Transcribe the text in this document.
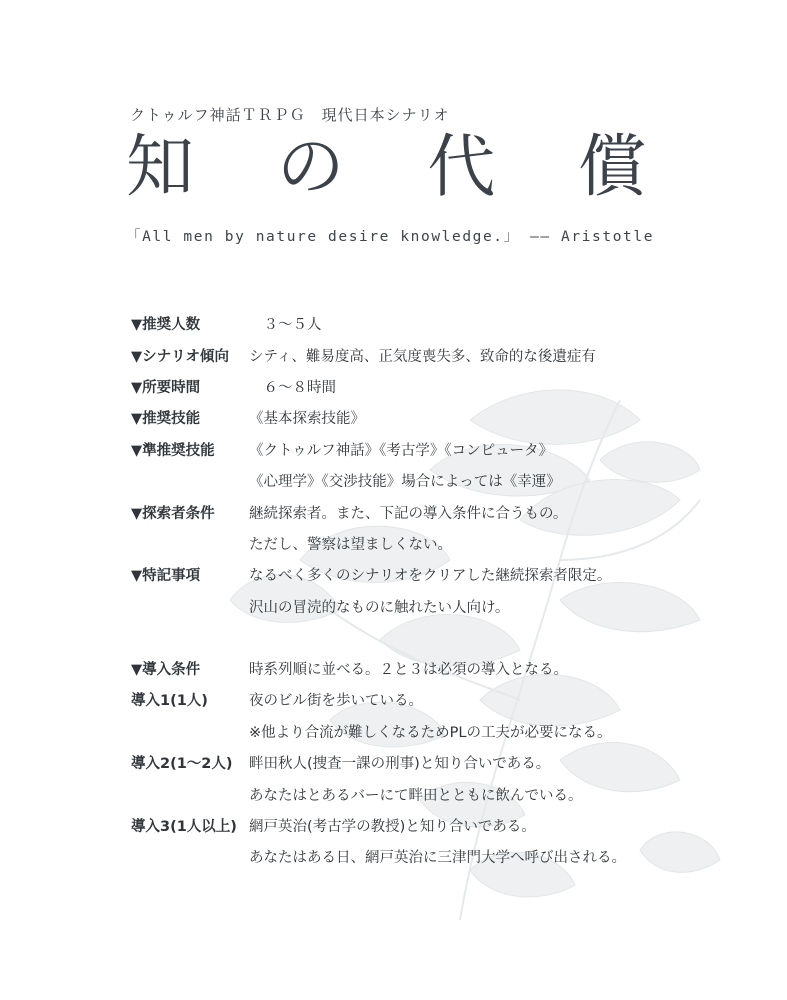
クトゥルフ神話ＴＲＰＧ　現代日本シナリオ
知 の 代 償
「All men by nature desire knowledge.」 ―― Aristotle
▼推奨人数	　３～５人
▼シナリオ傾向	シティ、難易度高、正気度喪失多、致命的な後遺症有
▼所要時間	　６～８時間
▼推奨技能	《基本探索技能》
▼準推奨技能	《クトゥルフ神話》《考古学》《コンピュータ》
《心理学》《交渉技能》場合によっては《幸運》
▼探索者条件	継続探索者。また、下記の導入条件に合うもの。
ただし、警察は望ましくない。
▼特記事項	なるべく多くのシナリオをクリアした継続探索者限定。
沢山の冒涜的なものに触れたい人向け。
▼導入条件	時系列順に並べる。２と３は必須の導入となる。
導入1(1人)	夜のビル街を歩いている。
※他より合流が難しくなるためPLの工夫が必要になる。
導入2(1～2人)	畔田秋人(捜査一課の刑事)と知り合いである。
あなたはとあるバーにて畔田とともに飲んでいる。
導入3(1人以上) 網戸英治(考古学の教授)と知り合いである。
あなたはある日、網戸英治に三津門大学へ呼び出される。
